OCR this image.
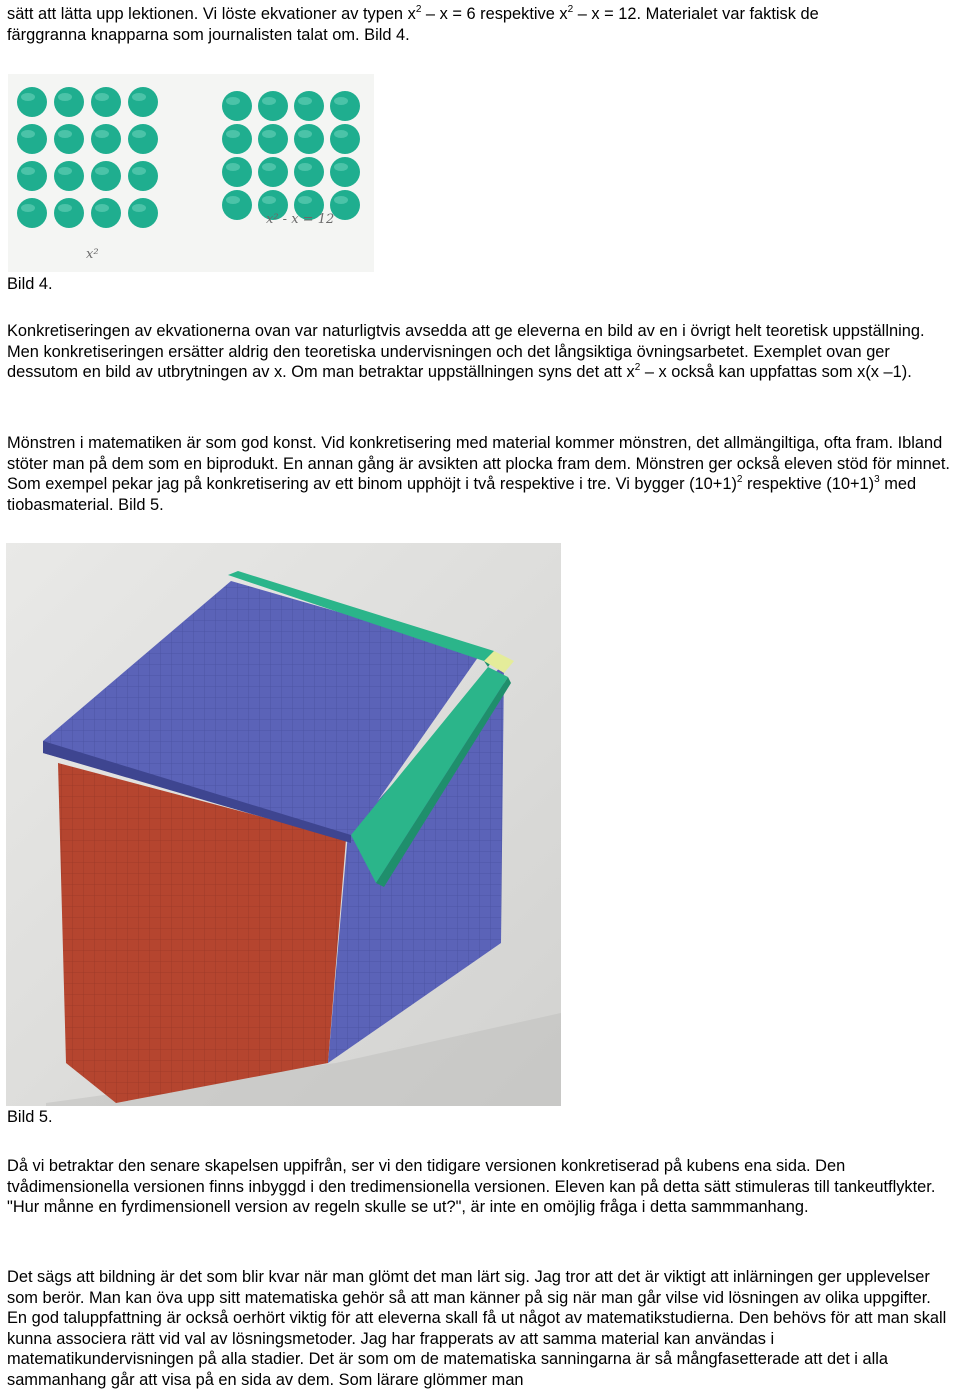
sätt att lätta upp lektionen. Vi löste ekvationer av typen $x^2 - x = 6$ respektive $x^2 - x = 12$. Materialet var faktisk de

färggranna knapparna som journalisten talat om. Bild 4.

x²
x² - x = 12

Bild 4.

Konkretiseringen av ekvationerna ovan var naturligtvis avsedda att ge eleverna en bild av en i övrigt helt teoretisk uppställning. Men konkretiseringen ersätter aldrig den teoretiska undervisningen och det långsiktiga övningsarbetet. Exemplet ovan ger dessutom en bild av utbrytningen av x. Om man betraktar uppställningen syns det att $x^2$ – x också kan uppfattas som x(x –1).

Mönstren i matematiken är som god konst. Vid konkretisering med material kommer mönstren, det allmängiltiga, ofta fram. Ibland stöter man på dem som en biprodukt. En annan gång är avsikten att plocka fram dem. Mönstren ger också eleven stöd för minnet. Som exempel pekar jag på konkretisering av ett binom upphöjt i två respektive i tre. Vi bygger $(10+1)^2$ respektive $(10+1)^3$ med tiobasmaterial. Bild 5.

Bild 5.

Då vi betraktar den senare skapelsen uppifrån, ser vi den tidigare versionen konkretiserad på kubens ena sida. Den tvådimensionella versionen finns inbyggd i den tredimensionella versionen. Eleven kan på detta sätt stimuleras till tankeutflykter. "Hur månne en fyrdimensionell version av regeln skulle se ut?", är inte en omöjlig fråga i detta sammmanhang.

Det sägs att bildning är det som blir kvar när man glömt det man lärt sig. Jag tror att det är viktigt att inlärningen ger upplevelser som berör. Man kan öva upp sitt matematiska gehör så att man känner på sig när man går vilse vid lösningen av olika uppgifter. En god taluppfattning är också oerhört viktig för att eleverna skall få ut något av matematikstudierna. Den behövs för att man skall kunna associera rätt vid val av lösningsmetoder. Jag har frapperats av att samma material kan användas i matematikundervisningen på alla stadier. Det är som om de matematiska sanningarna är så mångfasetterade att det i alla sammanhang går att visa på en sida av dem. Som lärare glömmer man
